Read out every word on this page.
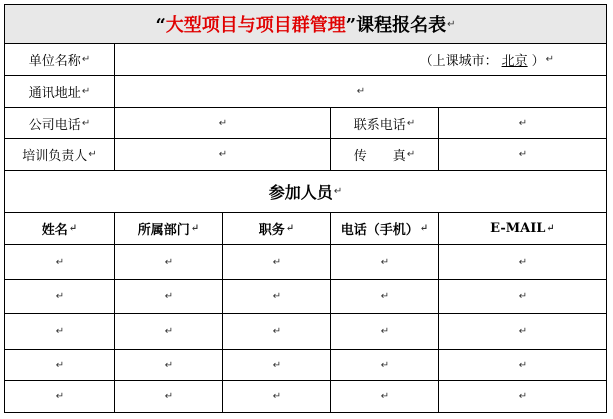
“大型项目与项目群管理”课程报名表 ↵
单位名称 ↵	（上课城市： 北京 ） ↵
通讯地址 ↵	↵
公司电话 ↵	↵	联系电话 ↵	↵
培训负责人 ↵	↵	传　　真 ↵	↵
参加人员 ↵
姓名 ↵	所属部门 ↵	职务 ↵	电话（手机） ↵	E-MAIL ↵
↵	↵	↵	↵	↵
↵	↵	↵	↵	↵
↵	↵	↵	↵	↵
↵	↵	↵	↵	↵
↵	↵	↵	↵	↵
